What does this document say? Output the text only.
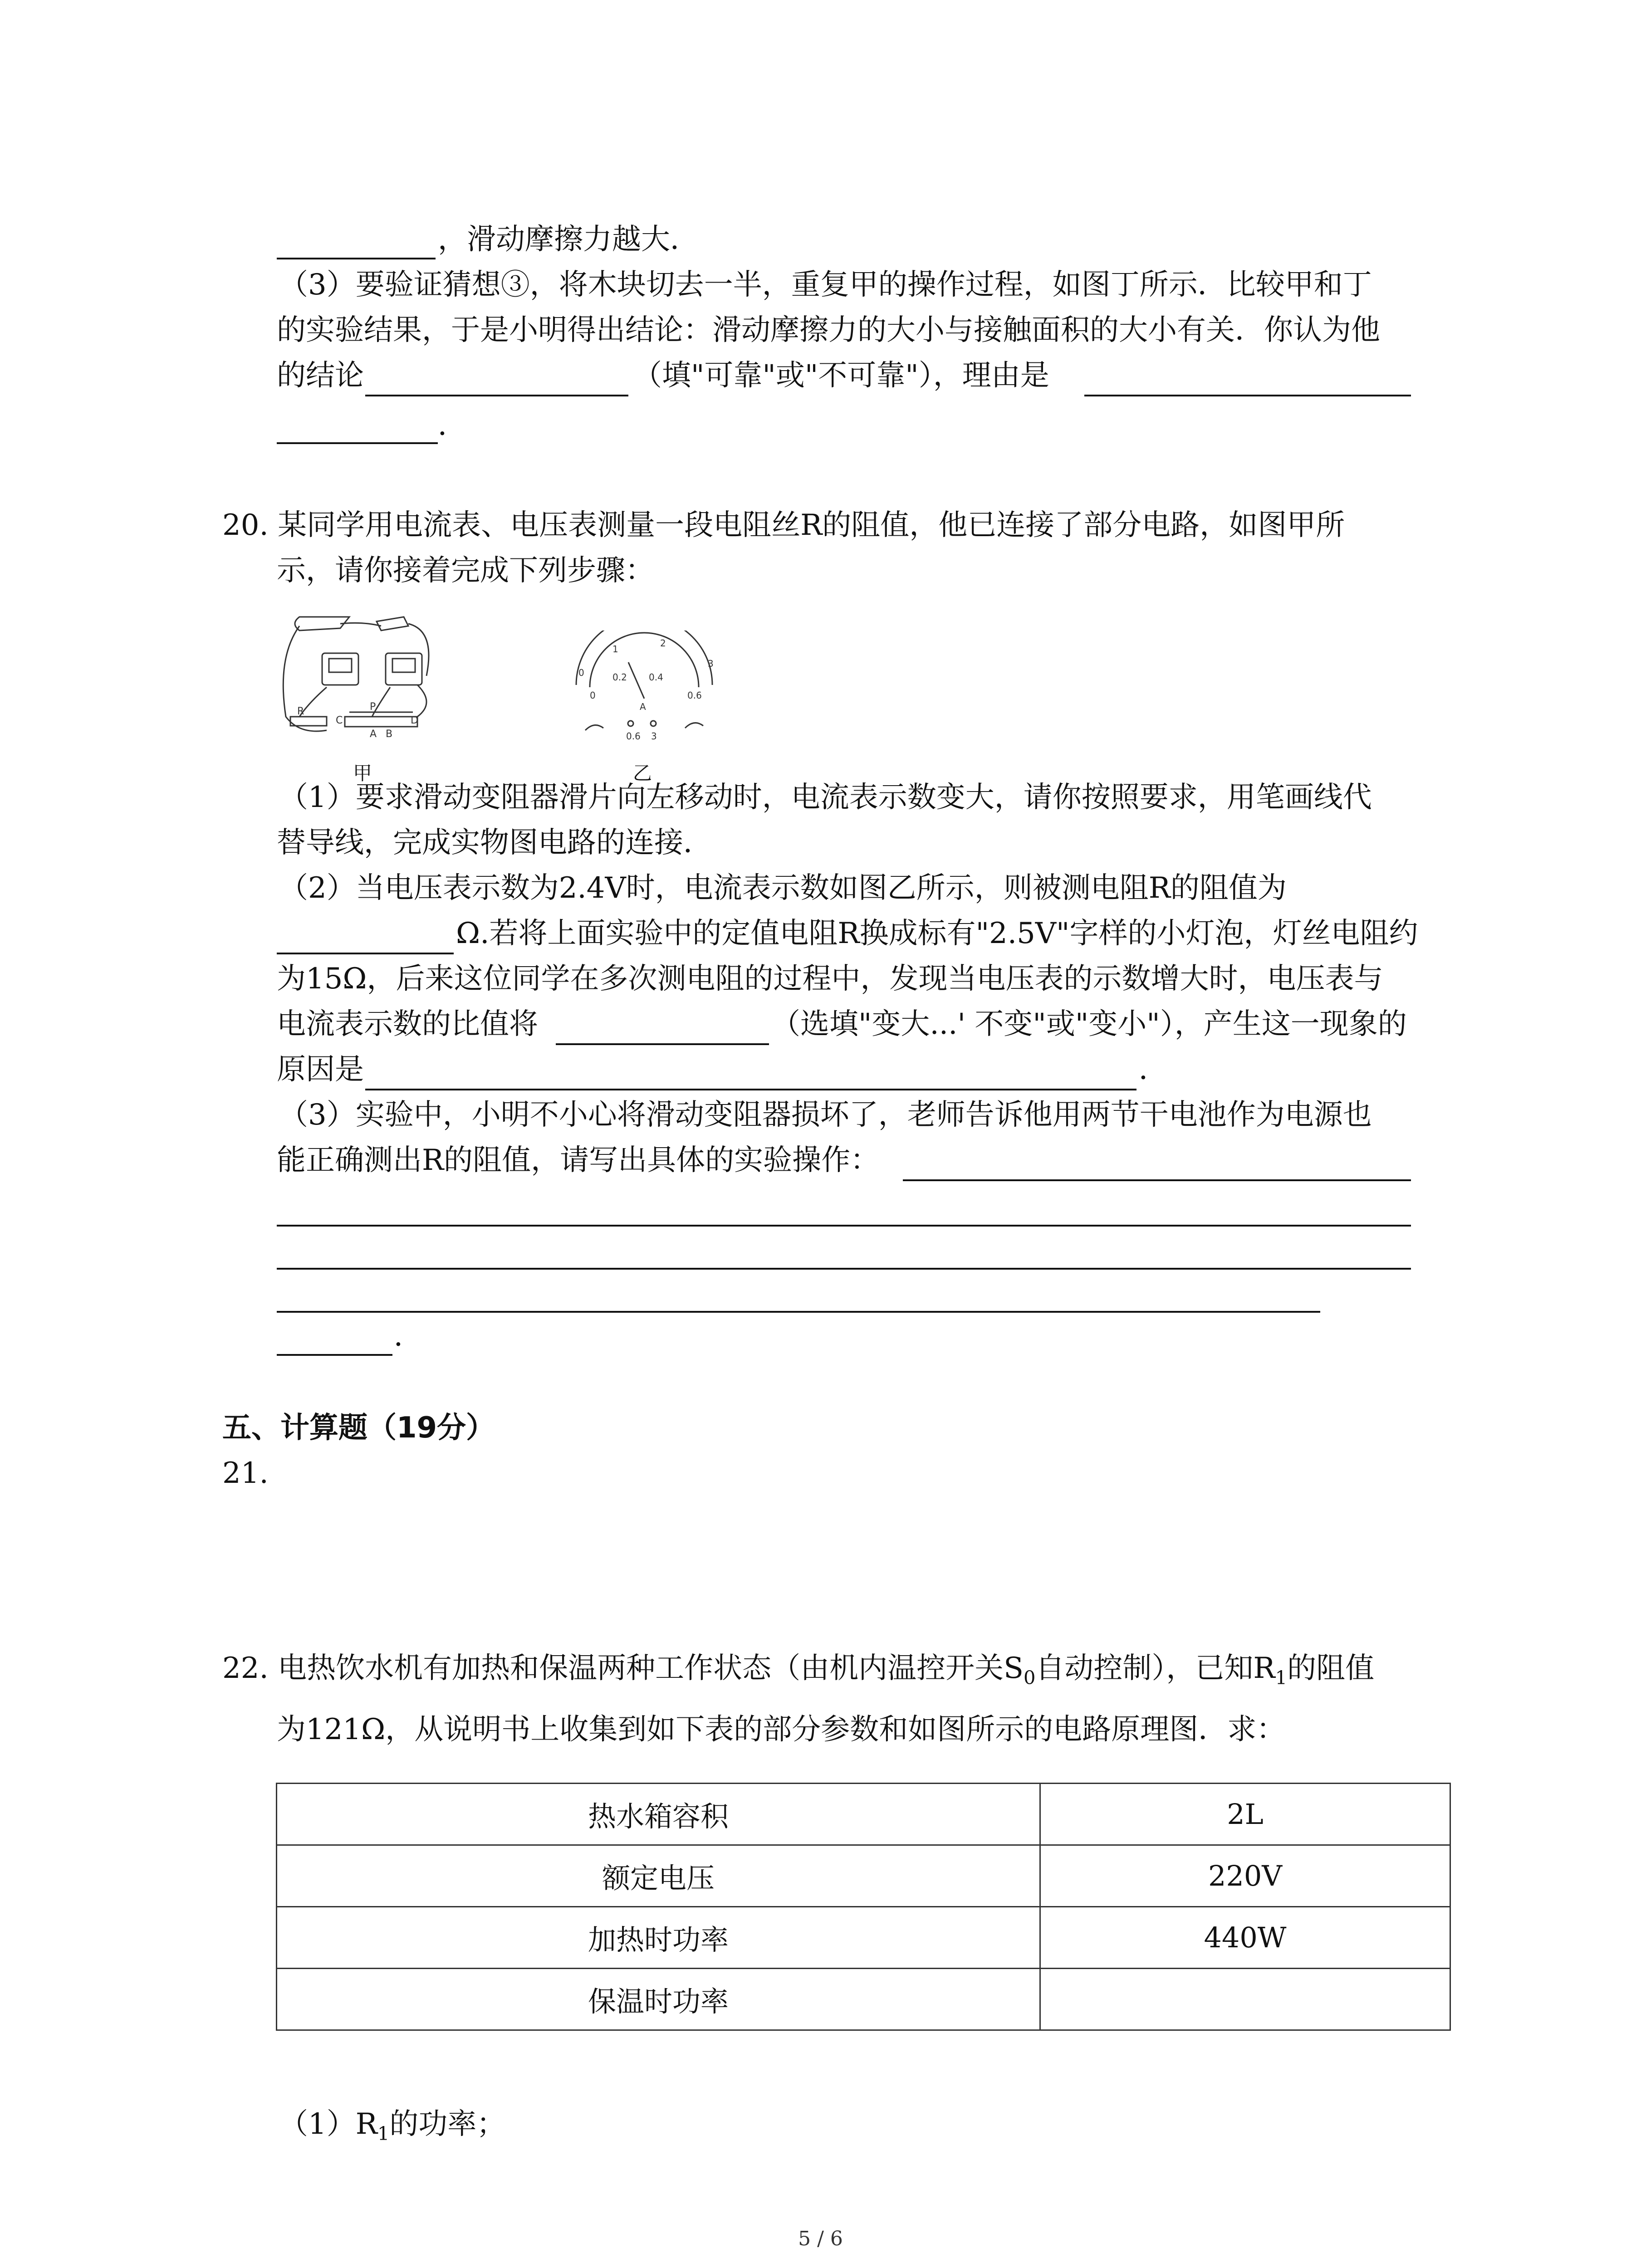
，滑动摩擦力越大．
（3）要验证猜想③，将木块切去一半，重复甲的操作过程，如图丁所示．比较甲和丁
的实验结果，于是小明得出结论：滑动摩擦力的大小与接触面积的大小有关．你认为他
的结论	（填"可靠"或"不可靠"），理由是
．
20. 某同学用电流表、电压表测量一段电阻丝R的阻值，他已连接了部分电路，如图甲所
示，请你接着完成下列步骤：
R
C
P
D
A B
甲
0
1
2
3
0.2 0.4
0	0.6
A
0.6 3
乙
（1）要求滑动变阻器滑片向左移动时，电流表示数变大，请你按照要求，用笔画线代
替导线，完成实物图电路的连接．
（2）当电压表示数为2.4V时，电流表示数如图乙所示，则被测电阻R的阻值为
Ω.若将上面实验中的定值电阻R换成标有"2.5V"字样的小灯泡，灯丝电阻约
为15Ω，后来这位同学在多次测电阻的过程中，发现当电压表的示数增大时，电压表与
电流表示数的比值将	（选填"变大...' 不变"或"变小"），产生这一现象的
原因是	．
（3）实验中，小明不小心将滑动变阻器损坏了，老师告诉他用两节干电池作为电源也
能正确测出R的阻值，请写出具体的实验操作：
．
五、计算题（19分）
21.
22. 电热饮水机有加热和保温两种工作状态（由机内温控开关$S_0$自动控制），已知$R_1$的阻值
为121Ω，从说明书上收集到如下表的部分参数和如图所示的电路原理图．求：
热水箱容积	2L
额定电压	220V
加热时功率	440W
保温时功率	
$(1)R_1$的功率；
5 / 6
